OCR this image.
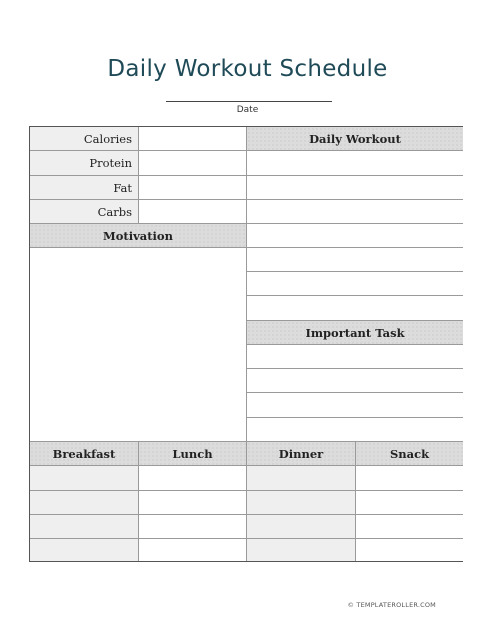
Daily Workout Schedule
Date
Calories
Protein
Fat
Carbs
Motivation
Daily Workout
Important Task
Breakfast	Lunch	Dinner	Snack
© TEMPLATEROLLER.COM
